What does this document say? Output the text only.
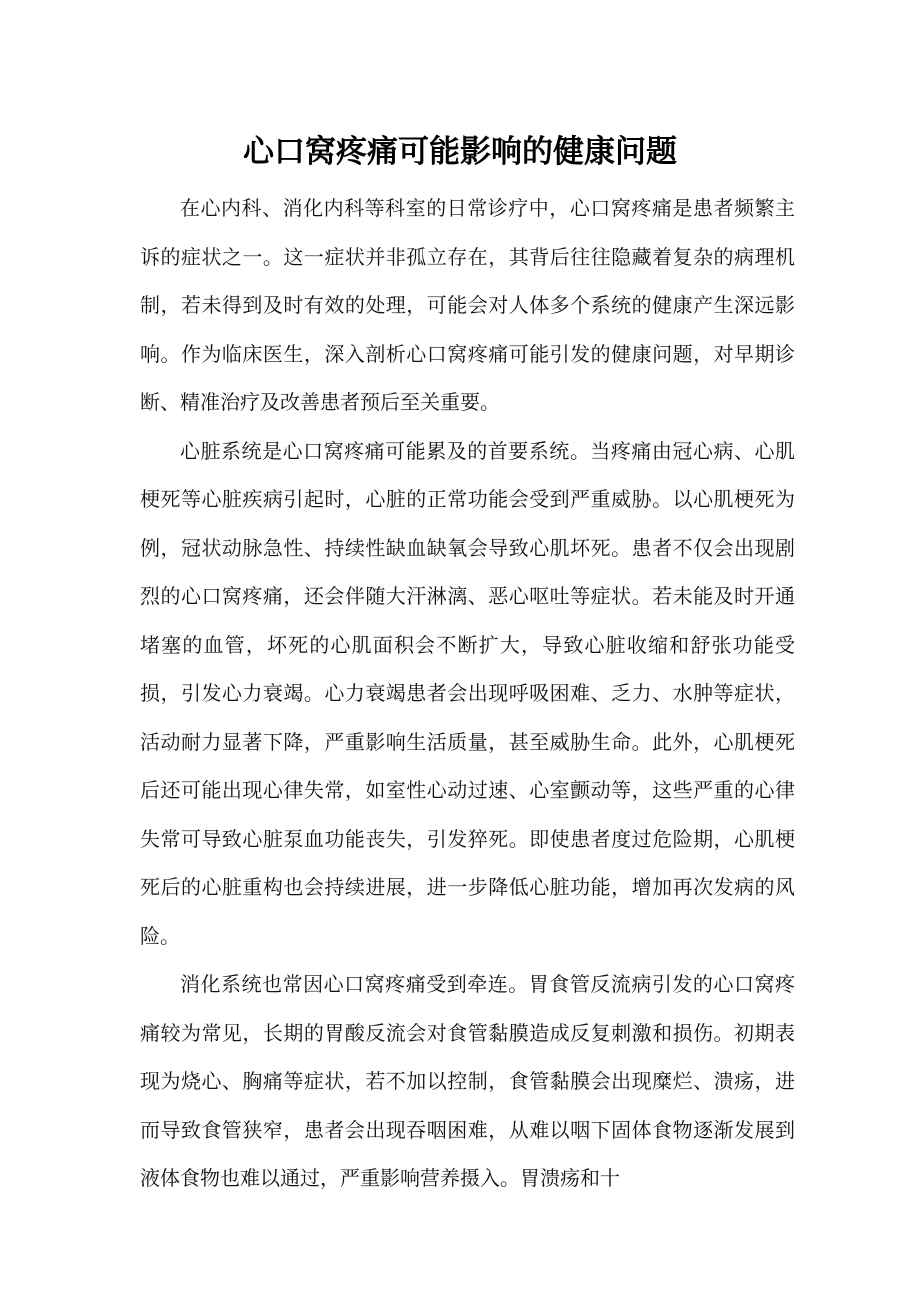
心口窝疼痛可能影响的健康问题

在心内科、消化内科等科室的日常诊疗中，心口窝疼痛是患者频繁主诉的症状之一。这一症状并非孤立存在，其背后往往隐藏着复杂的病理机制，若未得到及时有效的处理，可能会对人体多个系统的健康产生深远影响。作为临床医生，深入剖析心口窝疼痛可能引发的健康问题，对早期诊断、精准治疗及改善患者预后至关重要。

心脏系统是心口窝疼痛可能累及的首要系统。当疼痛由冠心病、心肌梗死等心脏疾病引起时，心脏的正常功能会受到严重威胁。以心肌梗死为例，冠状动脉急性、持续性缺血缺氧会导致心肌坏死。患者不仅会出现剧烈的心口窝疼痛，还会伴随大汗淋漓、恶心呕吐等症状。若未能及时开通堵塞的血管，坏死的心肌面积会不断扩大，导致心脏收缩和舒张功能受损，引发心力衰竭。心力衰竭患者会出现呼吸困难、乏力、水肿等症状，活动耐力显著下降，严重影响生活质量，甚至威胁生命。此外，心肌梗死后还可能出现心律失常，如室性心动过速、心室颤动等，这些严重的心律失常可导致心脏泵血功能丧失，引发猝死。即使患者度过危险期，心肌梗死后的心脏重构也会持续进展，进一步降低心脏功能，增加再次发病的风险。

消化系统也常因心口窝疼痛受到牵连。胃食管反流病引发的心口窝疼痛较为常见，长期的胃酸反流会对食管黏膜造成反复刺激和损伤。初期表现为烧心、胸痛等症状，若不加以控制，食管黏膜会出现糜烂、溃疡，进而导致食管狭窄，患者会出现吞咽困难，从难以咽下固体食物逐渐发展到液体食物也难以通过，严重影响营养摄入。胃溃疡和十
